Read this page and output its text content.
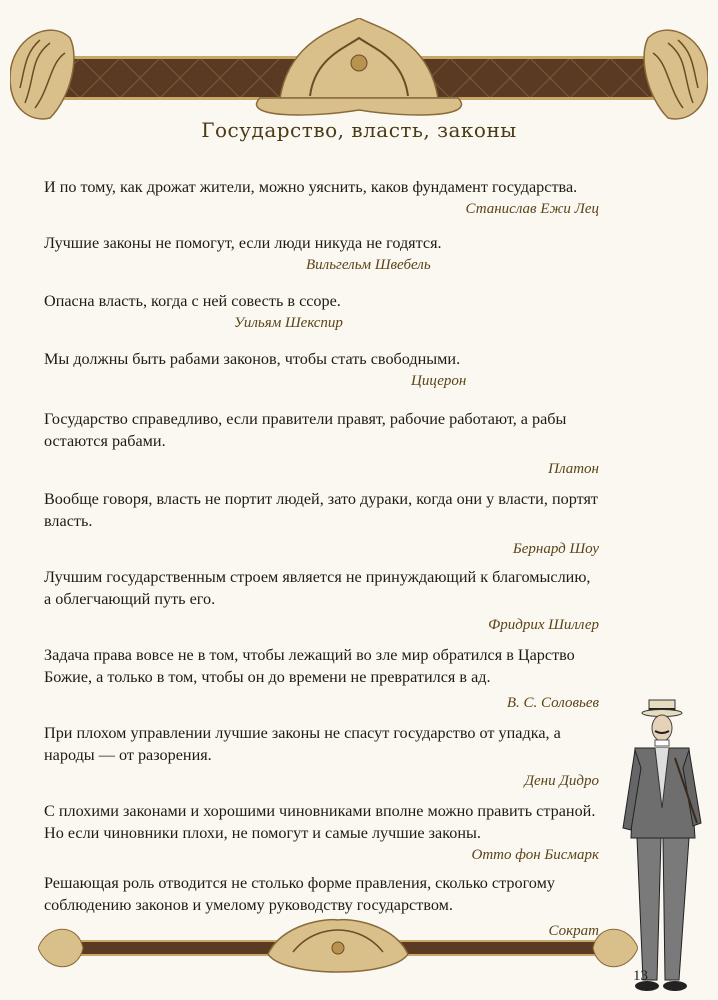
Государство, власть, законы

И по тому, как дрожат жители, можно уяснить, каков фундамент государства.

Станислав Ежи Лец

Лучшие законы не помогут, если люди никуда не годятся.

Вильгельм Швебель

Опасна власть, когда с ней совесть в ссоре.

Уильям Шекспир

Мы должны быть рабами законов, чтобы стать свободными.

Цицерон

Государство справедливо, если правители правят, рабочие работают, а рабы остаются рабами.

Платон

Вообще говоря, власть не портит людей, зато дураки, когда они у власти, портят власть.

Бернард Шоу

Лучшим государственным строем является не принуждающий к благомыслию, а облегчающий путь его.

Фридрих Шиллер

Задача права вовсе не в том, чтобы лежащий во зле мир обратился в Царство Божие, а только в том, чтобы он до времени не превратился в ад.

В. С. Соловьев

При плохом управлении лучшие законы не спасут государство от упадка, а народы — от разорения.

Дени Дидро

С плохими законами и хорошими чиновниками вполне можно править страной. Но если чиновники плохи, не помогут и самые лучшие законы.

Отто фон Бисмарк

Решающая роль отводится не столько форме правления, сколько строгому соблюдению законов и умелому руководству государством.

Сократ

13
